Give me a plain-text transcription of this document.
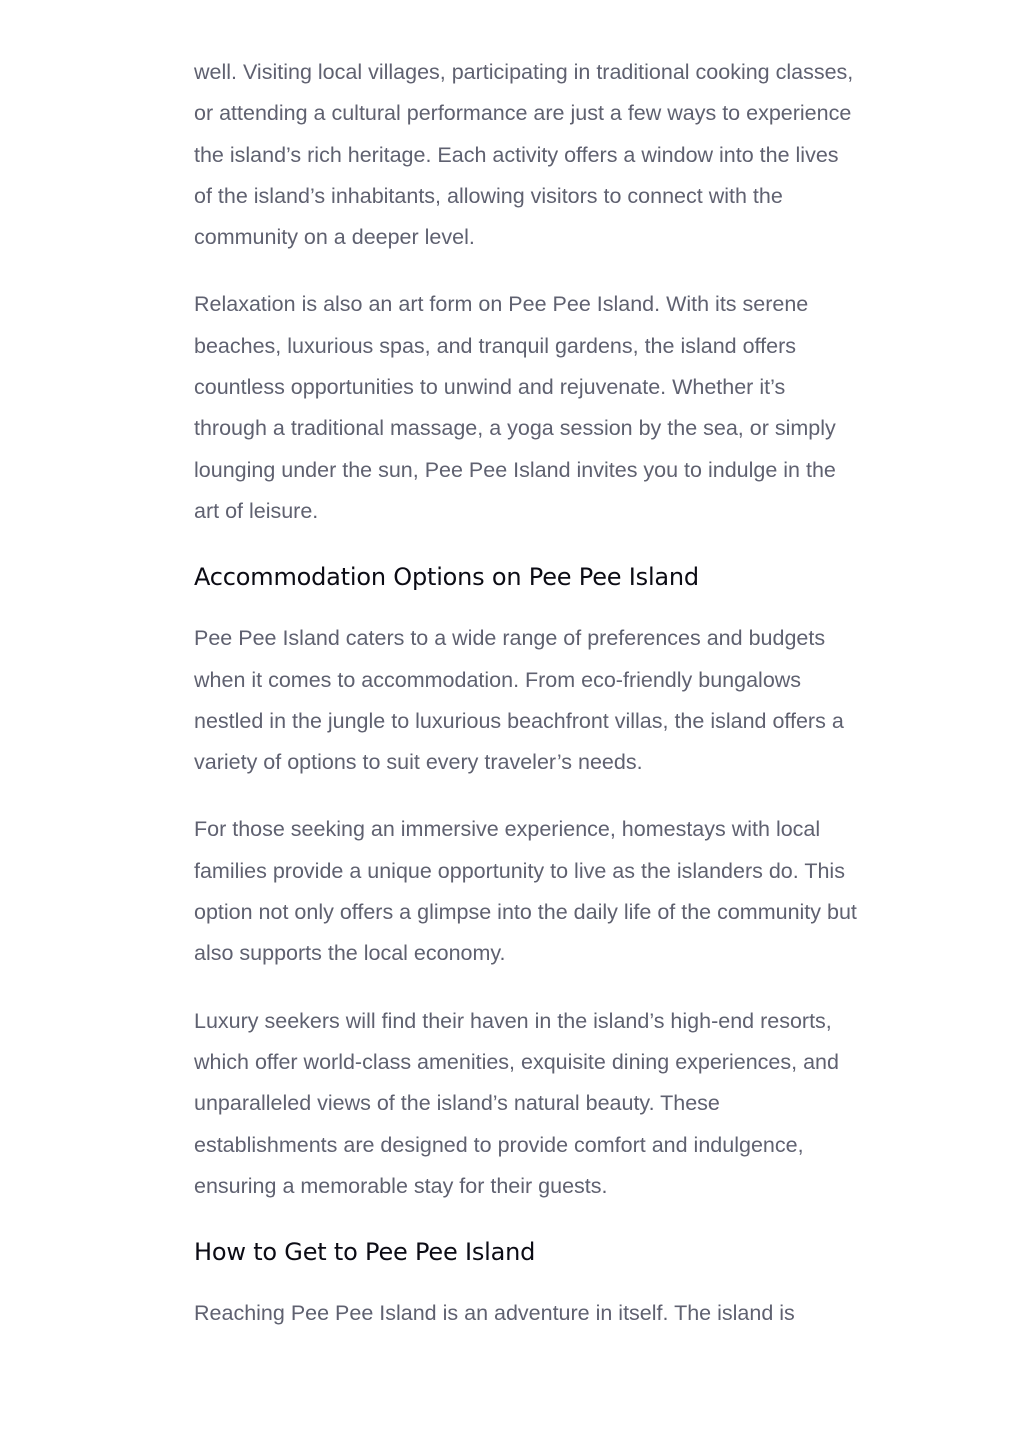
well. Visiting local villages, participating in traditional cooking classes, or attending a cultural performance are just a few ways to experience the island’s rich heritage. Each activity offers a window into the lives of the island’s inhabitants, allowing visitors to connect with the community on a deeper level.

Relaxation is also an art form on Pee Pee Island. With its serene beaches, luxurious spas, and tranquil gardens, the island offers countless opportunities to unwind and rejuvenate. Whether it’s through a traditional massage, a yoga session by the sea, or simply lounging under the sun, Pee Pee Island invites you to indulge in the art of leisure.

Accommodation Options on Pee Pee Island

Pee Pee Island caters to a wide range of preferences and budgets when it comes to accommodation. From eco-friendly bungalows nestled in the jungle to luxurious beachfront villas, the island offers a variety of options to suit every traveler’s needs.

For those seeking an immersive experience, homestays with local families provide a unique opportunity to live as the islanders do. This option not only offers a glimpse into the daily life of the community but also supports the local economy.

Luxury seekers will find their haven in the island’s high-end resorts, which offer world-class amenities, exquisite dining experiences, and unparalleled views of the island’s natural beauty. These establishments are designed to provide comfort and indulgence, ensuring a memorable stay for their guests.

How to Get to Pee Pee Island

Reaching Pee Pee Island is an adventure in itself. The island is
